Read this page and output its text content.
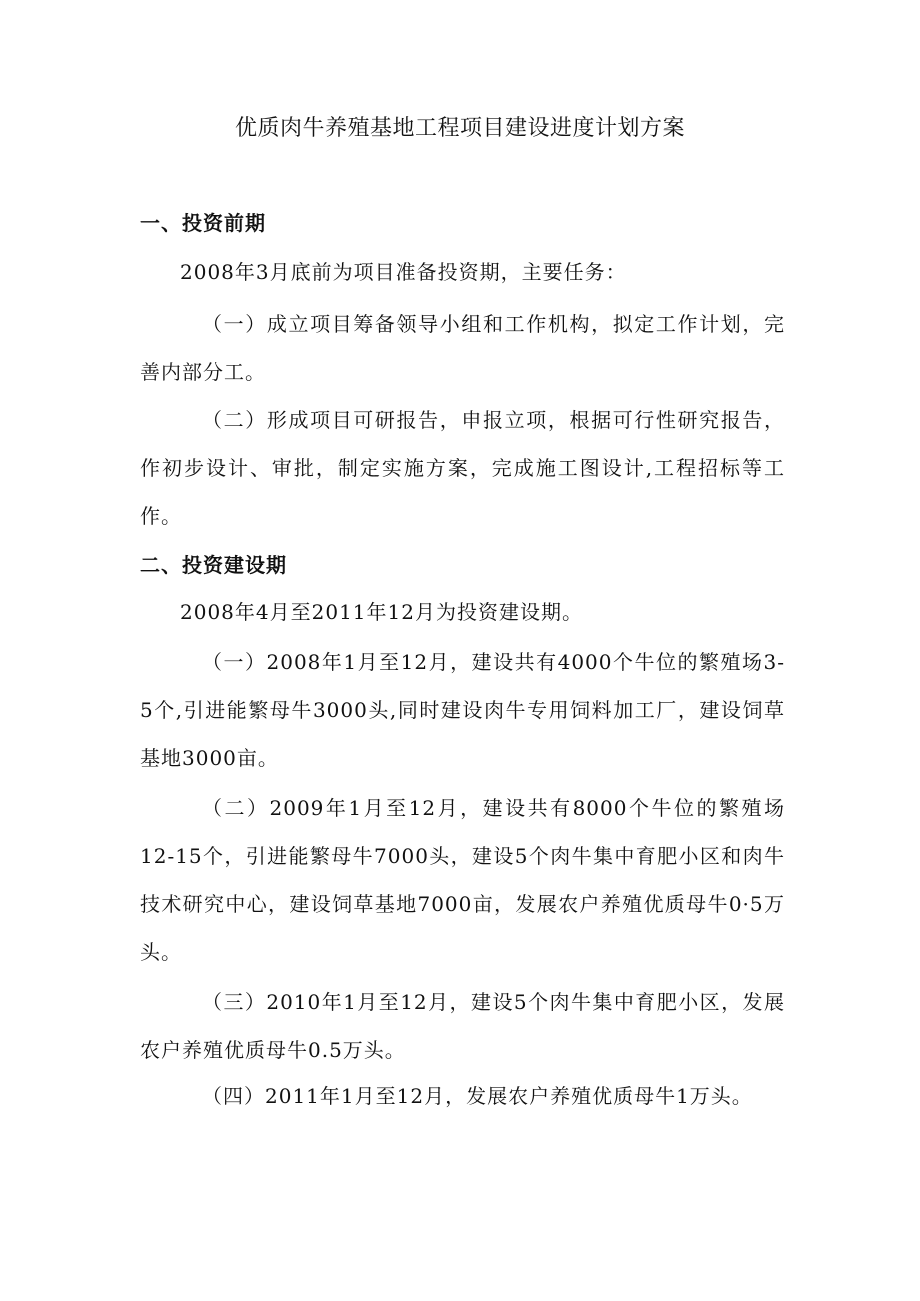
优质肉牛养殖基地工程项目建设进度计划方案
一、投资前期

2008年3月底前为项目准备投资期，主要任务：

（一）成立项目筹备领导小组和工作机构，拟定工作计划，完善内部分工。

（二）形成项目可研报告，申报立项，根据可行性研究报告，作初步设计、审批，制定实施方案，完成施工图设计,工程招标等工作。

二、投资建设期

2008年4月至2011年12月为投资建设期。

（一）2008年1月至12月，建设共有4000个牛位的繁殖场3-5个,引进能繁母牛3000头,同时建设肉牛专用饲料加工厂，建设饲草基地3000亩。

（二）2009年1月至12月，建设共有8000个牛位的繁殖场12-15个，引进能繁母牛7000头，建设5个肉牛集中育肥小区和肉牛技术研究中心，建设饲草基地7000亩，发展农户养殖优质母牛0·5万头。

（三）2010年1月至12月，建设5个肉牛集中育肥小区，发展农户养殖优质母牛0.5万头。

（四）2011年1月至12月，发展农户养殖优质母牛1万头。
